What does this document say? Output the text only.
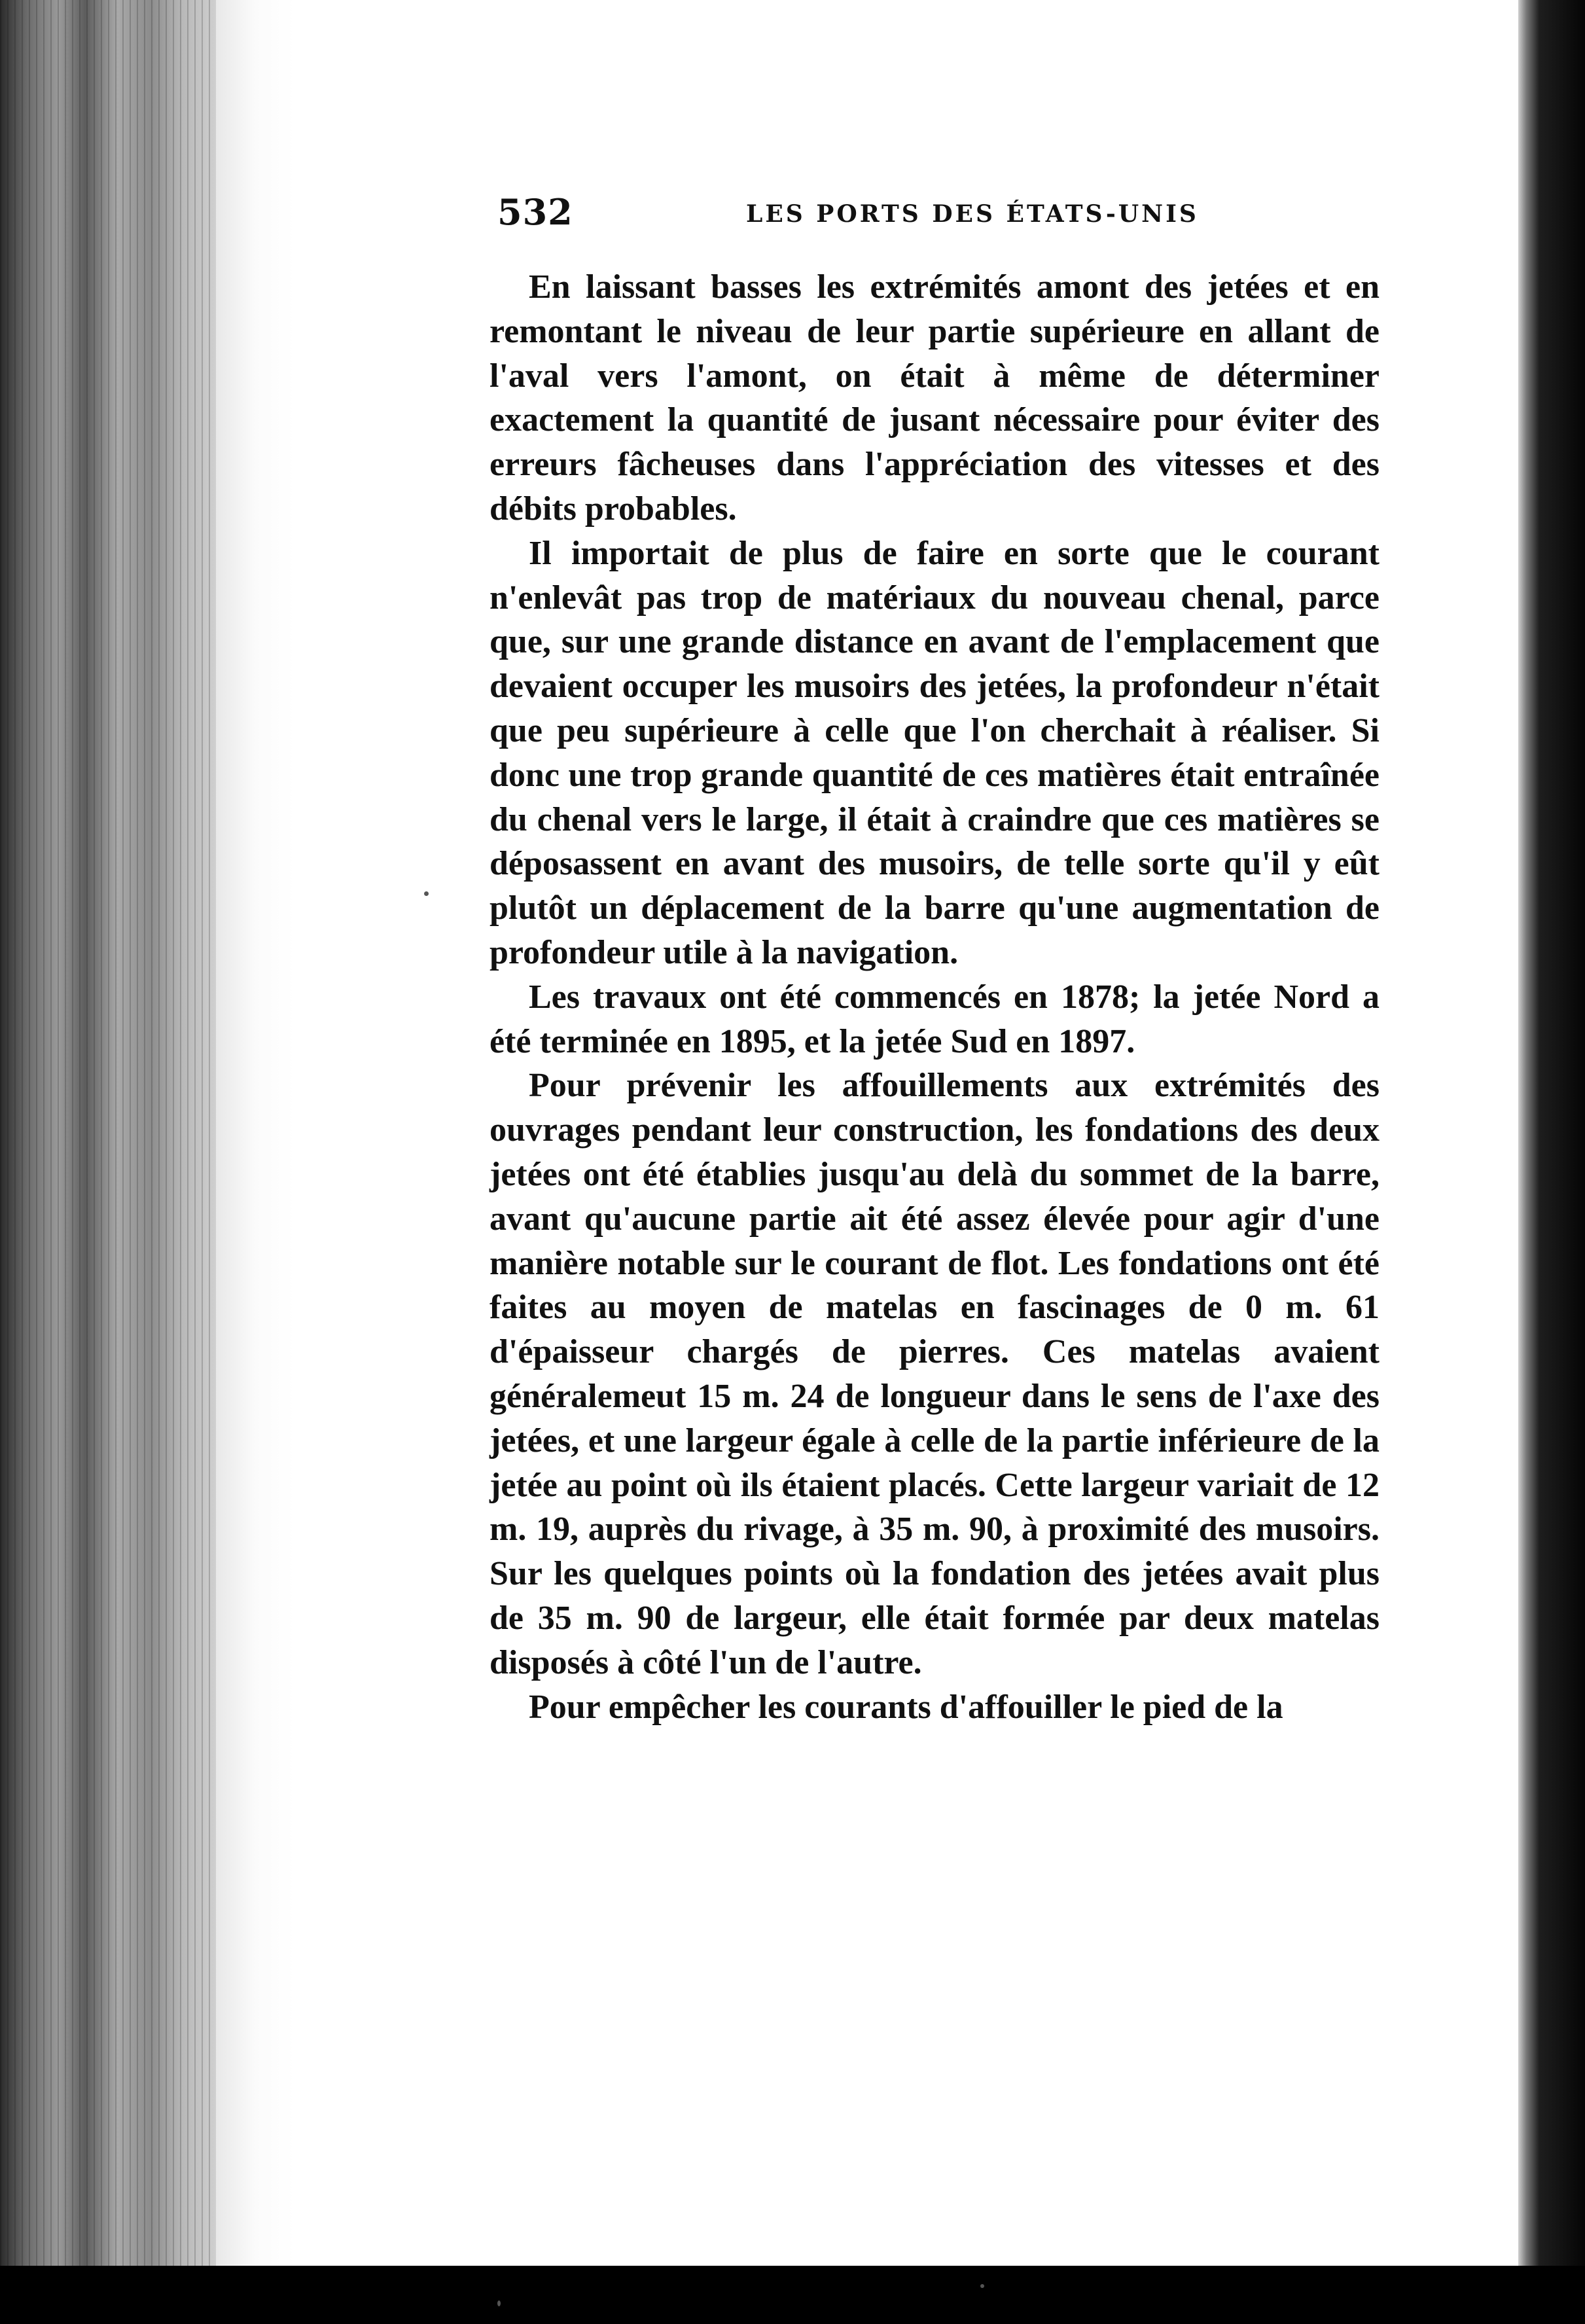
532	LES PORTS DES ÉTATS-UNIS

En laissant basses les extrémités amont des jetées et en remontant le niveau de leur partie supérieure en allant de l'aval vers l'amont, on était à même de déterminer exactement la quantité de jusant nécessaire pour éviter des erreurs fâcheuses dans l'appréciation des vitesses et des débits probables.

Il importait de plus de faire en sorte que le courant n'enlevât pas trop de matériaux du nouveau chenal, parce que, sur une grande distance en avant de l'emplacement que devaient occuper les musoirs des jetées, la profondeur n'était que peu supérieure à celle que l'on cherchait à réaliser. Si donc une trop grande quantité de ces matières était entraînée du chenal vers le large, il était à craindre que ces matières se déposassent en avant des musoirs, de telle sorte qu'il y eût plutôt un déplacement de la barre qu'une augmentation de profondeur utile à la navigation.

Les travaux ont été commencés en 1878; la jetée Nord a été terminée en 1895, et la jetée Sud en 1897.

Pour prévenir les affouillements aux extrémités des ouvrages pendant leur construction, les fondations des deux jetées ont été établies jusqu'au delà du sommet de la barre, avant qu'aucune partie ait été assez élevée pour agir d'une manière notable sur le courant de flot. Les fondations ont été faites au moyen de matelas en fascinages de 0 m. 61 d'épaisseur chargés de pierres. Ces matelas avaient généralemeut 15 m. 24 de longueur dans le sens de l'axe des jetées, et une largeur égale à celle de la partie inférieure de la jetée au point où ils étaient placés. Cette largeur variait de 12 m. 19, auprès du rivage, à 35 m. 90, à proximité des musoirs. Sur les quelques points où la fondation des jetées avait plus de 35 m. 90 de largeur, elle était formée par deux matelas disposés à côté l'un de l'autre.

Pour empêcher les courants d'affouiller le pied de la
